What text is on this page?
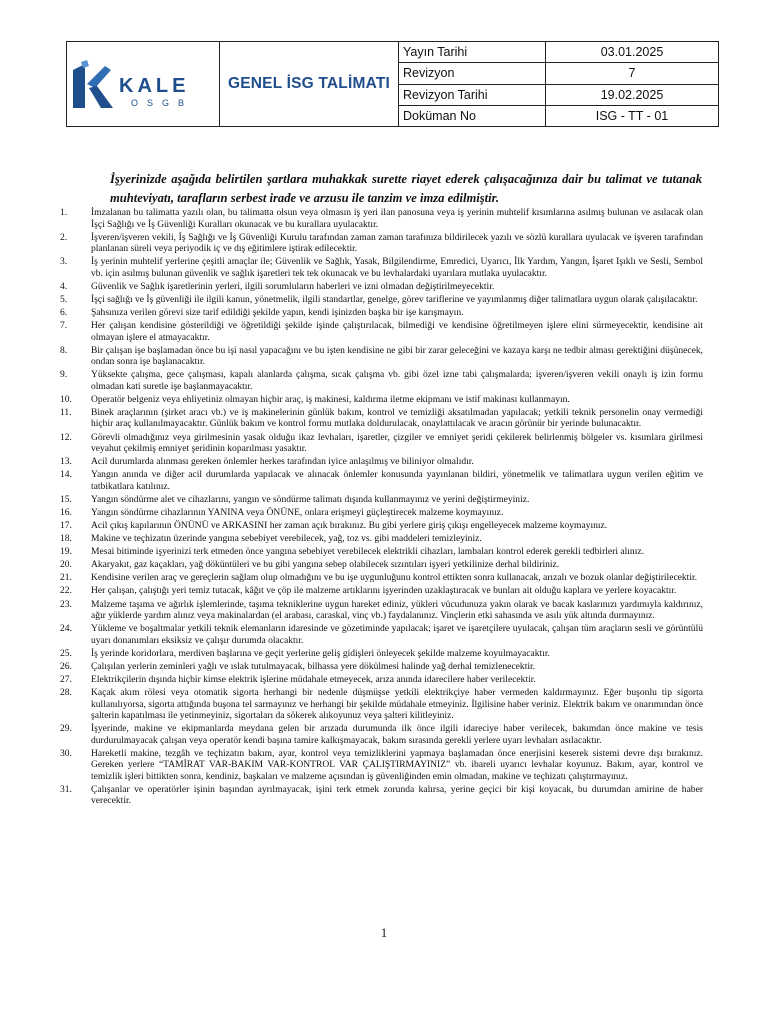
KALE
OSGB
GENEL İSG TALİMATI
Yayın Tarihi	03.01.2025
Revizyon	7
Revizyon Tarihi	19.02.2025
Doküman No	ISG - TT - 01

İşyerinizde aşağıda belirtilen şartlara muhakkak surette riayet ederek çalışacağınıza dair bu talimat ve tutanak muhteviyatı, tarafların serbest irade ve arzusu ile tanzim ve imza edilmiştir.

1.	İmzalanan bu talimatta yazılı olan, bu talimatta olsun veya olmasın iş yeri ilan panosuna veya iş yerinin muhtelif kısımlarına asılmış bulunan ve asılacak olan İşçi Sağlığı ve İş Güvenliği Kuralları okunacak ve bu kurallara uyulacaktır.
2.	İşveren/işveren vekili, İş Sağlığı ve İş Güvenliği Kurulu tarafından zaman zaman tarafınıza bildirilecek yazılı ve sözlü kurallara uyulacak ve işveren tarafından planlanan süreli veya periyodik iç ve dış eğitimlere iştirak edilecektir.
3.	İş yerinin muhtelif yerlerine çeşitli amaçlar ile; Güvenlik ve Sağlık, Yasak, Bilgilendirme, Emredici, Uyarıcı, İlk Yardım, Yangın, İşaret Işıklı ve Sesli, Sembol vb. için asılmış bulunan güvenlik ve sağlık işaretleri tek tek okunacak ve bu levhalardaki uyarılara mutlaka uyulacaktır.
4.	Güvenlik ve Sağlık işaretlerinin yerleri, ilgili sorumluların haberleri ve izni olmadan değiştirilmeyecektir.
5.	İşçi sağlığı ve İş güvenliği ile ilgili kanun, yönetmelik, ilgili standartlar, genelge, görev tariflerine ve yayımlanmış diğer talimatlara uygun olarak çalışılacaktır.
6.	Şahsınıza verilen görevi size tarif edildiği şekilde yapın, kendi işinizden başka bir işe karışmayın.
7.	Her çalışan kendisine gösterildiği ve öğretildiği şekilde işinde çalıştırılacak, bilmediği ve kendisine öğretilmeyen işlere elini sürmeyecektir, kendisine ait olmayan işlere el atmayacaktır.
8.	Bir çalışan işe başlamadan önce bu işi nasıl yapacağını ve bu işten kendisine ne gibi bir zarar geleceğini ve kazaya karşı ne tedbir alması gerektiğini düşünecek, ondan sonra işe başlanacaktır.
9.	Yüksekte çalışma, gece çalışması, kapalı alanlarda çalışma, sıcak çalışma vb. gibi özel izne tabi çalışmalarda; işveren/işveren vekili onaylı iş izin formu olmadan kati suretle işe başlanmayacaktır.
10.	Operatör belgeniz veya ehliyetiniz olmayan hiçbir araç, iş makinesi, kaldırma iletme ekipmanı ve istif makinası kullanmayın.
11.	Binek araçlarının (şirket aracı vb.) ve iş makinelerinin günlük bakım, kontrol ve temizliği aksatılmadan yapılacak; yetkili teknik personelin onay vermediği hiçbir araç kullanılmayacaktır. Günlük bakım ve kontrol formu mutlaka doldurulacak, onaylattılacak ve aracın görünür bir yerinde bulunacaktır.
12.	Görevli olmadığınız veya girilmesinin yasak olduğu ikaz levhaları, işaretler, çizgiler ve emniyet şeridi çekilerek belirlenmiş bölgeler vs. kısımlara girilmesi veyahut çekilmiş emniyet şeridinin koparılması yasaktır.
13.	Acil durumlarda alınması gereken önlemler herkes tarafından iyice anlaşılmış ve biliniyor olmalıdır.
14.	Yangın anında ve diğer acil durumlarda yapılacak ve alınacak önlemler konusunda yayınlanan bildiri, yönetmelik ve talimatlara uygun verilen eğitim ve tatbikatlara katılınız.
15.	Yangın söndürme alet ve cihazlarını, yangın ve söndürme talimatı dışında kullanmayınız ve yerini değiştirmeyiniz.
16.	Yangın söndürme cihazlarının YANINA veya ÖNÜNE, onlara erişmeyi güçleştirecek malzeme koymayınız.
17.	Acil çıkış kapılarının ÖNÜNÜ ve ARKASINI her zaman açık bırakınız. Bu gibi yerlere giriş çıkışı engelleyecek malzeme koymayınız.
18.	Makine ve teçhizatın üzerinde yangına sebebiyet verebilecek, yağ, toz vs. gibi maddeleri temizleyiniz.
19.	Mesai bitiminde işyerinizi terk etmeden önce yangına sebebiyet verebilecek elektrikli cihazları, lambaları kontrol ederek gerekli tedbirleri alınız.
20.	Akaryakıt, gaz kaçakları, yağ döküntüleri ve bu gibi yangına sebep olabilecek sızıntıları işyeri yetkilinize derhal bildiriniz.
21.	Kendisine verilen araç ve gereçlerin sağlam olup olmadığını ve bu işe uygunluğunu kontrol ettikten sonra kullanacak, arızalı ve bozuk olanlar değiştirilecektir.
22.	Her çalışan, çalıştığı yeri temiz tutacak, kâğıt ve çöp ile malzeme artıklarını işyerinden uzaklaştıracak ve bunları ait olduğu kaplara ve yerlere koyacaktır.
23.	Malzeme taşıma ve ağırlık işlemlerinde, taşıma tekniklerine uygun hareket ediniz, yükleri vücudunuza yakın olarak ve bacak kaslarınızı yardımıyla kaldırınız, ağır yüklerde yardım alınız veya makinalardan (el arabası, caraskal, vinç vb.) faydalanınız. Vinçlerin etki sahasında ve asılı yük altında durmayınız.
24.	Yükleme ve boşaltmalar yetkili teknik elemanların idaresinde ve gözetiminde yapılacak; işaret ve işaretçilere uyulacak, çalışan tüm araçların sesli ve görüntülü uyarı donanımları eksiksiz ve çalışır durumda olacaktır.
25.	İş yerinde koridorlara, merdiven başlarına ve geçit yerlerine geliş gidişleri önleyecek şekilde malzeme koyulmayacaktır.
26.	Çalışılan yerlerin zeminleri yağlı ve ıslak tutulmayacak, bilhassa yere dökülmesi halinde yağ derhal temizlenecektir.
27.	Elektrikçilerin dışında hiçbir kimse elektrik işlerine müdahale etmeyecek, arıza anında idarecilere haber verilecektir.
28.	Kaçak akım rölesi veya otomatik sigorta herhangi bir nedenle düşmüşse yetkili elektrikçiye haber vermeden kaldırmayınız. Eğer buşonlu tip sigorta kullanılıyorsa, sigorta attığında buşona tel sarmayınız ve herhangi bir şekilde müdahale etmeyiniz. İlgilisine haber veriniz. Elektrik bakım ve onarımından önce şalterin kapatılması ile yetinmeyiniz, sigortaları da sökerek alıkoyunuz veya şalteri kilitleyiniz.
29.	İşyerinde, makine ve ekipmanlarda meydana gelen bir arızada durumunda ilk önce ilgili idareciye haber verilecek, bakımdan önce makine ve tesis durdurulmayacak çalışan veya operatör kendi başına tamire kalkışmayacak, bakım sırasında gerekli yerlere uyarı levhaları asılacaktır.
30.	Hareketli makine, tezgâh ve teçhizatın bakım, ayar, kontrol veya temizliklerini yapmaya başlamadan önce enerjisini keserek sistemi devre dışı bırakınız. Gereken yerlere “TAMİRAT VAR-BAKIM VAR-KONTROL VAR ÇALIŞTIRMAYINIZ” vb. ibareli uyarıcı levhalar koyunuz. Bakım, ayar, kontrol ve temizlik işleri bittikten sonra, kendiniz, başkaları ve malzeme açısından iş güvenliğinden emin olmadan, makine ve teçhizatı çalıştırmayınız.
31.	Çalışanlar ve operatörler işinin başından ayrılmayacak, işini terk etmek zorunda kalırsa, yerine geçici bir kişi koyacak, bu durumdan amirine de haber verecektir.
1
